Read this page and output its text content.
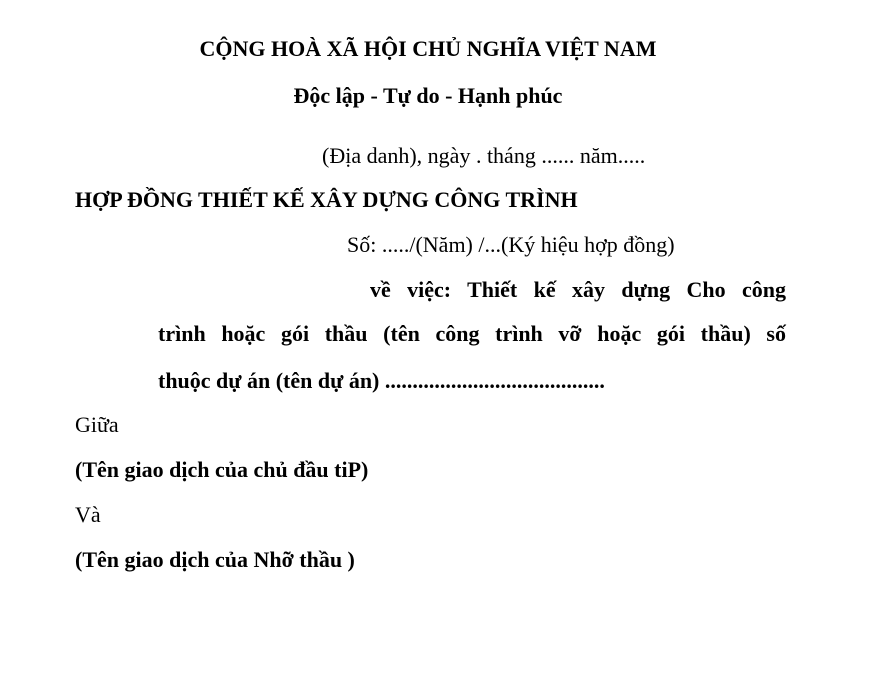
CỘNG HOÀ XÃ HỘI CHỦ NGHĨA VIỆT NAM
Độc lập - Tự do - Hạnh phúc
(Địa danh), ngày . tháng ...... năm.....
HỢP ĐỒNG THIẾT KẾ XÂY DỰNG CÔNG TRÌNH
Số: ...../(Năm) /...(Ký hiệu hợp đồng)
về việc: Thiết kế xây dựng Cho công
trình hoặc gói thầu (tên công trình vỡ hoặc gói thầu) số
thuộc dự án (tên dự án) ........................................
Giữa
(Tên giao dịch của chủ đầu tiP)
Và
(Tên giao dịch của Nhỡ thầu )
